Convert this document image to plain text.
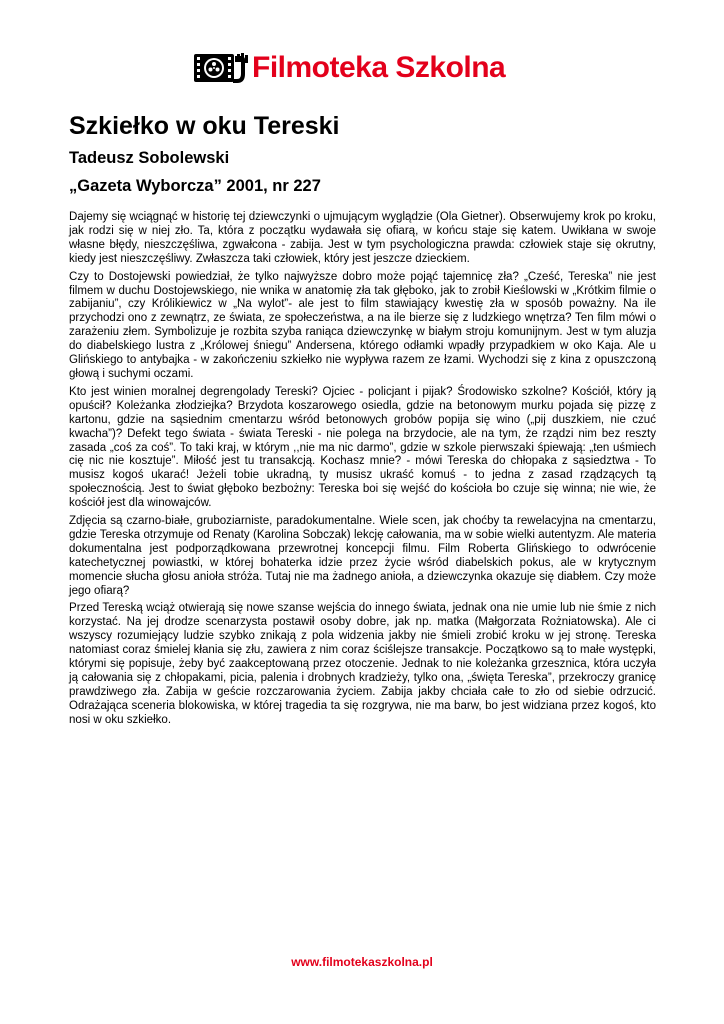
Filmoteka Szkolna
Szkiełko w oku Tereski
Tadeusz Sobolewski
„Gazeta Wyborcza” 2001, nr 227

Dajemy się wciągnąć w historię tej dziewczynki o ujmującym wyglądzie (Ola Gietner). Obserwujemy krok po kroku, jak rodzi się w niej zło. Ta, która z początku wydawała się ofiarą, w końcu staje się katem. Uwikłana w swoje własne błędy, nieszczęśliwa, zgwałcona - zabija. Jest w tym psychologiczna prawda: człowiek staje się okrutny, kiedy jest nieszczęśliwy. Zwłaszcza taki człowiek, który jest jeszcze dzieckiem.

Czy to Dostojewski powiedział, że tylko najwyższe dobro może pojąć tajemnicę zła? „Cześć, Tereska” nie jest filmem w duchu Dostojewskiego, nie wnika w anatomię zła tak głęboko, jak to zrobił Kieślowski w „Krótkim filmie o zabijaniu”, czy Królikiewicz w „Na wylot”- ale jest to film stawiający kwestię zła w sposób poważny. Na ile przychodzi ono z zewnątrz, ze świata, ze społeczeństwa, a na ile bierze się z ludzkiego wnętrza? Ten film mówi o zarażeniu złem. Symbolizuje je rozbita szyba raniąca dziewczynkę w białym stroju komunijnym. Jest w tym aluzja do diabelskiego lustra z „Królowej śniegu” Andersena, którego odłamki wpadły przypadkiem w oko Kaja. Ale u Glińskiego to antybajka - w zakończeniu szkiełko nie wypływa razem ze łzami. Wychodzi się z kina z opuszczoną głową i suchymi oczami.

Kto jest winien moralnej degrengolady Tereski? Ojciec - policjant i pijak? Środowisko szkolne? Kościół, który ją opuścił? Koleżanka złodziejka? Brzydota koszarowego osiedla, gdzie na betonowym murku pojada się pizzę z kartonu, gdzie na sąsiednim cmentarzu wśród betonowych grobów popija się wino („pij duszkiem, nie czuć kwacha”)? Defekt tego świata - świata Tereski - nie polega na brzydocie, ale na tym, że rządzi nim bez reszty zasada „coś za coś”. To taki kraj, w którym ,,nie ma nic darmo”, gdzie w szkole pierwszaki śpiewają: „ten uśmiech cię nic nie kosztuje”. Miłość jest tu transakcją. Kochasz mnie? - mówi Tereska do chłopaka z sąsiedztwa - To musisz kogoś ukarać! Jeżeli tobie ukradną, ty musisz ukraść komuś - to jedna z zasad rządzących tą społecznością. Jest to świat głęboko bezbożny: Tereska boi się wejść do kościoła bo czuje się winna; nie wie, że kościół jest dla winowajców.

Zdjęcia są czarno-białe, gruboziarniste, paradokumentalne. Wiele scen, jak choćby ta rewelacyjna na cmentarzu, gdzie Tereska otrzymuje od Renaty (Karolina Sobczak) lekcję całowania, ma w sobie wielki autentyzm. Ale materia dokumentalna jest podporządkowana przewrotnej koncepcji filmu. Film Roberta Glińskiego to odwrócenie katechetycznej powiastki, w której bohaterka idzie przez życie wśród diabelskich pokus, ale w krytycznym momencie słucha głosu anioła stróża. Tutaj nie ma żadnego anioła, a dziewczynka okazuje się diabłem. Czy może jego ofiarą?

Przed Tereską wciąż otwierają się nowe szanse wejścia do innego świata, jednak ona nie umie lub nie śmie z nich korzystać. Na jej drodze scenarzysta postawił osoby dobre, jak np. matka (Małgorzata Rożniatowska). Ale ci wszyscy rozumiejący ludzie szybko znikają z pola widzenia jakby nie śmieli zrobić kroku w jej stronę. Tereska natomiast coraz śmielej kłania się złu, zawiera z nim coraz ściślejsze transakcje. Początkowo są to małe występki, którymi się popisuje, żeby być zaakceptowaną przez otoczenie. Jednak to nie koleżanka grzesznica, która uczyła ją całowania się z chłopakami, picia, palenia i drobnych kradzieży, tylko ona, „święta Tereska”, przekroczy granicę prawdziwego zła. Zabija w geście rozczarowania życiem. Zabija jakby chciała całe to zło od siebie odrzucić. Odrażająca sceneria blokowiska, w której tragedia ta się rozgrywa, nie ma barw, bo jest widziana przez kogoś, kto nosi w oku szkiełko.

www.filmotekaszkolna.pl
